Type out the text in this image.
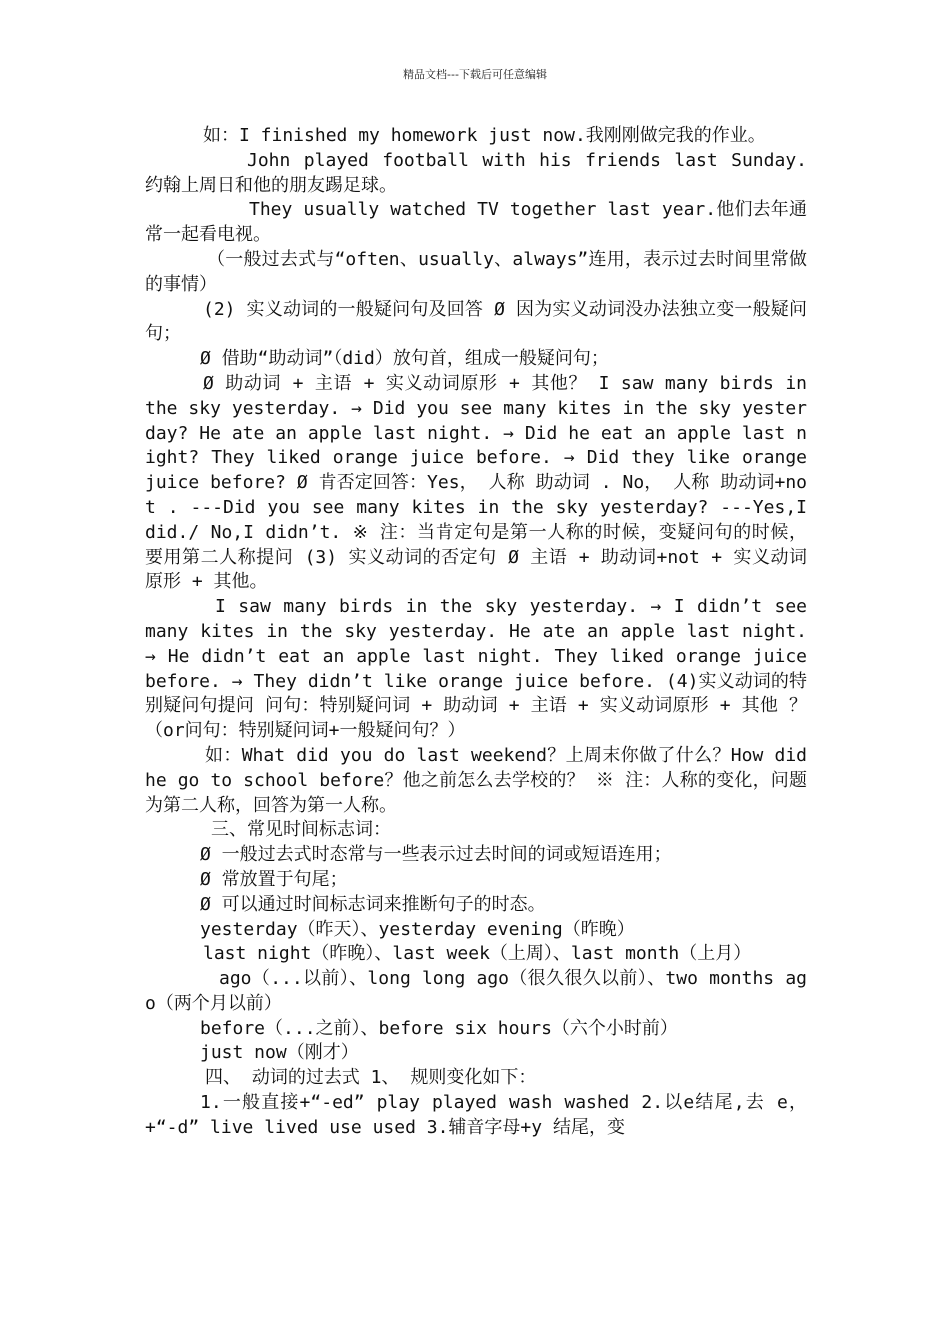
精品文档---下载后可任意编辑

如：I finished my homework just now.我刚刚做完我的作业。

John played football with his friends last Sunday. 约翰上周日和他的朋友踢足球。

They usually watched TV together last year.他们去年通常一起看电视。

（一般过去式与“often、usually、always”连用，表示过去时间里常做的事情）

(2) 实义动词的一般疑问句及回答 Ø 因为实义动词没办法独立变一般疑问句；

Ø 借助“助动词”（did）放句首，组成一般疑问句；

Ø 助动词 + 主语 + 实义动词原形 + 其他？ I saw many birds in the sky yesterday. → Did you see many kites in the sky yesterday? He ate an apple last night. → Did he eat an apple last night? They liked orange juice before. → Did they like orange juice before? Ø 肯否定回答：Yes， 人称 助动词 . No， 人称 助动词+not . ---Did you see many kites in the sky yesterday? ---Yes,I did./ No,I didn’t. ※ 注：当肯定句是第一人称的时候，变疑问句的时候，要用第二人称提问 (3) 实义动词的否定句 Ø 主语 + 助动词+not + 实义动词原形 + 其他。

I saw many birds in the sky yesterday. → I didn’t see many kites in the sky yesterday. He ate an apple last night. → He didn’t eat an apple last night. They liked orange juice before. → They didn’t like orange juice before. (4)实义动词的特别疑问句提问 问句：特别疑问词 + 助动词 + 主语 + 实义动词原形 + 其他 ？ （or问句：特别疑问词+一般疑问句？）

如：What did you do last weekend？上周末你做了什么？How did he go to school before？他之前怎么去学校的？ ※ 注：人称的变化，问题为第二人称，回答为第一人称。

三、常见时间标志词：

Ø 一般过去式时态常与一些表示过去时间的词或短语连用；

Ø 常放置于句尾；

Ø 可以通过时间标志词来推断句子的时态。

yesterday（昨天）、yesterday evening（昨晚）

last night（昨晚）、last week（上周）、last month（上月）

ago（...以前）、long long ago（很久很久以前）、two months ago（两个月以前）

before（...之前）、before six hours（六个小时前）

just now（刚才）

四、 动词的过去式 1、 规则变化如下：

1.一般直接+“-ed” play played wash washed 2.以e结尾,去 e，+“-d” live lived use used 3.辅音字母+y 结尾，变
